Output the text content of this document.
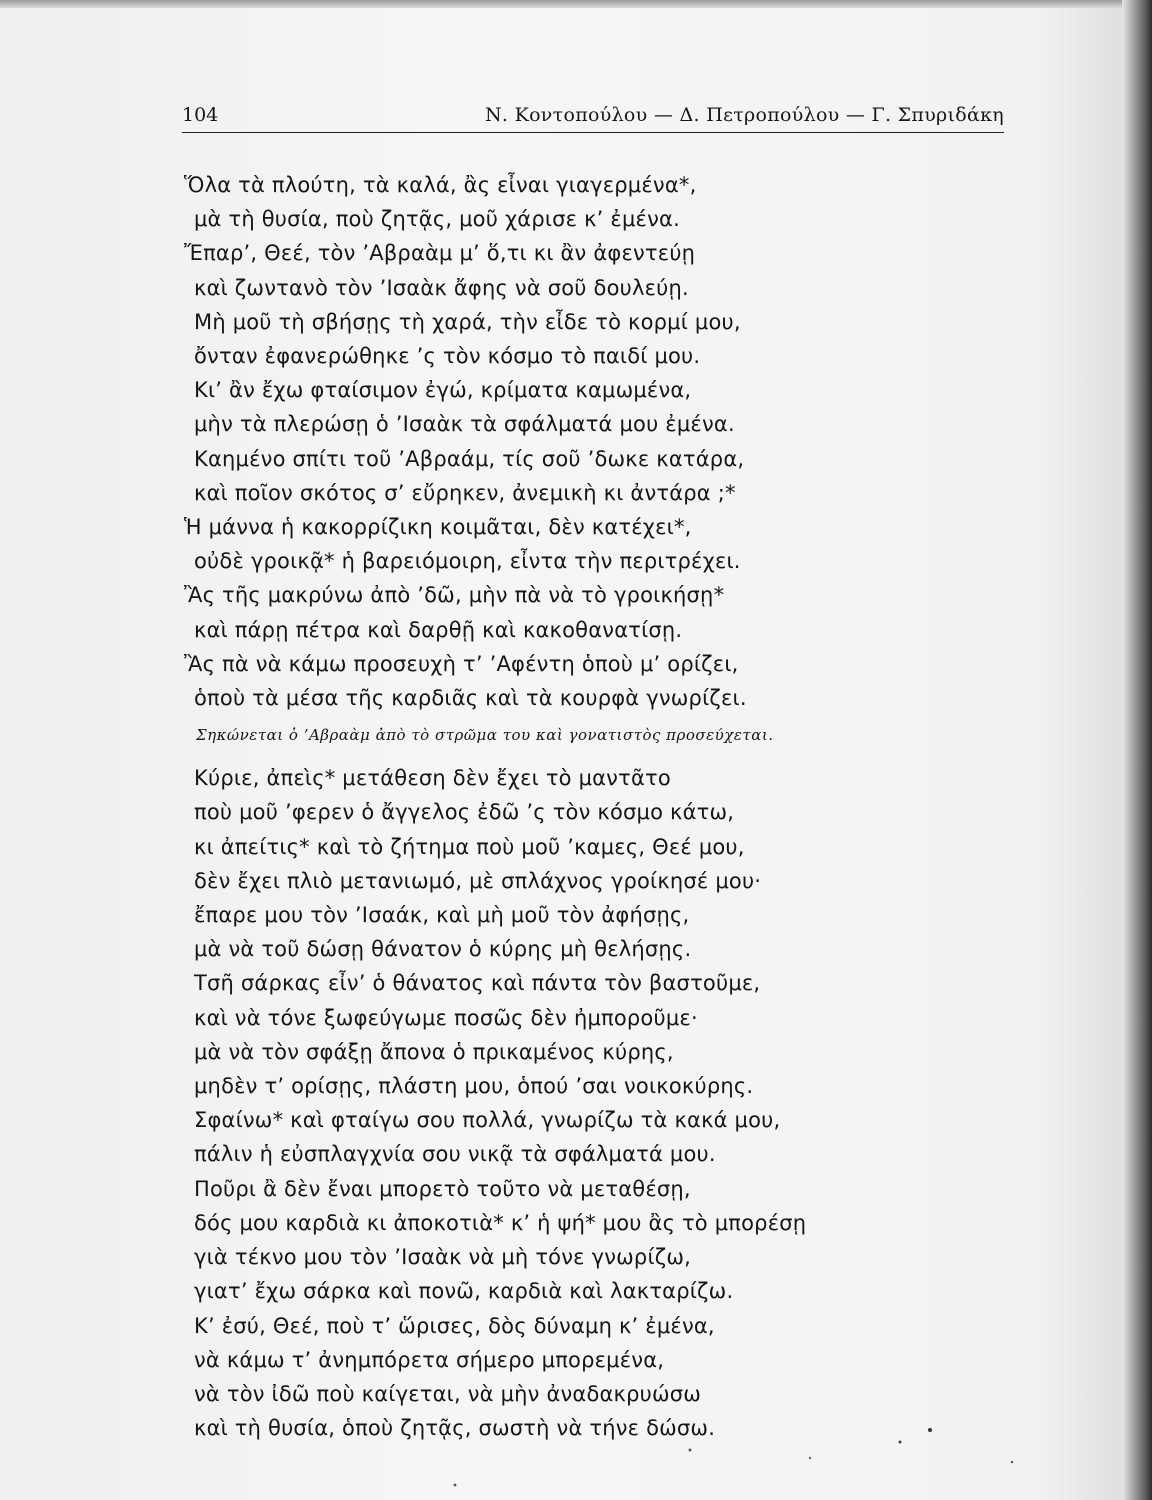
104	Ν. Κοντοπούλου — Δ. Πετροπούλου — Γ. Σπυριδάκη
Ὅλα τὰ πλούτη, τὰ καλά, ἂς εἶναι γιαγερμένα*,
μὰ τὴ θυσία, ποὺ ζητᾷς, μοῦ χάρισε κ’ ἐμένα.
Ἔπαρ’, Θεέ, τὸν ’Αβραὰμ μ’ ὅ,τι κι ἂν ἀφεντεύῃ
καὶ ζωντανὸ τὸν ’Ισαὰκ ἄφης νὰ σοῦ δουλεύῃ.
Μὴ μοῦ τὴ σβήσῃς τὴ χαρά, τὴν εἶδε τὸ κορμί μου,
ὄνταν ἐφανερώθηκε ’ς τὸν κόσμο τὸ παιδί μου.
Κι’ ἂν ἔχω φταίσιμον ἐγώ, κρίματα καμωμένα,
μὴν τὰ πλερώσῃ ὁ ’Ισαὰκ τὰ σφάλματά μου ἐμένα.
Καημένο σπίτι τοῦ ’Αβραάμ, τίς σοῦ ’δωκε κατάρα,
καὶ ποῖον σκότος σ’ εὔρηκεν, ἀνεμικὴ κι ἀντάρα ;*
Ἡ μάννα ἡ κακορρίζικη κοιμᾶται, δὲν κατέχει*,
οὐδὲ γροικᾷ* ἡ βαρειόμοιρη, εἶντα τὴν περιτρέχει.
Ἂς τῆς μακρύνω ἀπὸ ’δῶ, μὴν πὰ νὰ τὸ γροικήσῃ*
καὶ πάρῃ πέτρα καὶ δαρθῇ καὶ κακοθανατίσῃ.
Ἂς πὰ νὰ κάμω προσευχὴ τ’ ’Αφέντη ὁποὺ μ’ ορίζει,
ὁποὺ τὰ μέσα τῆς καρδιᾶς καὶ τὰ κουρφὰ γνωρίζει.
Σηκώνεται ὁ ’Αβραὰμ ἀπὸ τὸ στρῶμα του καὶ γονατιστὸς προσεύχεται.
Κύριε, ἀπεὶς* μετάθεση δὲν ἔχει τὸ μαντᾶτο
ποὺ μοῦ ’φερεν ὁ ἄγγελος ἐδῶ ’ς τὸν κόσμο κάτω,
κι ἀπείτις* καὶ τὸ ζήτημα ποὺ μοῦ ’καμες, Θεέ μου,
δὲν ἔχει πλιὸ μετανιωμό, μὲ σπλάχνος γροίκησέ μου·
ἔπαρε μου τὸν ’Ισαάκ, καὶ μὴ μοῦ τὸν ἀφήσῃς,
μὰ νὰ τοῦ δώσῃ θάνατον ὁ κύρης μὴ θελήσῃς.
Τσῆ σάρκας εἶν’ ὁ θάνατος καὶ πάντα τὸν βαστοῦμε,
καὶ νὰ τόνε ξωφεύγωμε ποσῶς δὲν ἠμποροῦμε·
μὰ νὰ τὸν σφάξῃ ἄπονα ὁ πρικαμένος κύρης,
μηδὲν τ’ ορίσῃς, πλάστη μου, ὁπού ’σαι νοικοκύρης.
Σφαίνω* καὶ φταίγω σου πολλά, γνωρίζω τὰ κακά μου,
πάλιν ἡ εὐσπλαγχνία σου νικᾷ τὰ σφάλματά μου.
Ποῦρι ἂ δὲν ἔναι μπορετὸ τοῦτο νὰ μεταθέσῃ,
δός μου καρδιὰ κι ἀποκοτιὰ* κ’ ἡ ψή* μου ἂς τὸ μπορέσῃ
γιὰ τέκνο μου τὸν ’Ισαὰκ νὰ μὴ τόνε γνωρίζω,
γιατ’ ἔχω σάρκα καὶ πονῶ, καρδιὰ καὶ λακταρίζω.
Κ’ ἐσύ, Θεέ, ποὺ τ’ ὥρισες, δὸς δύναμη κ’ ἐμένα,
νὰ κάμω τ’ ἀνημπόρετα σήμερο μπορεμένα,
νὰ τὸν ἰδῶ ποὺ καίγεται, νὰ μὴν ἀναδακρυώσω
καὶ τὴ θυσία, ὁποὺ ζητᾷς, σωστὴ νὰ τήνε δώσω.
